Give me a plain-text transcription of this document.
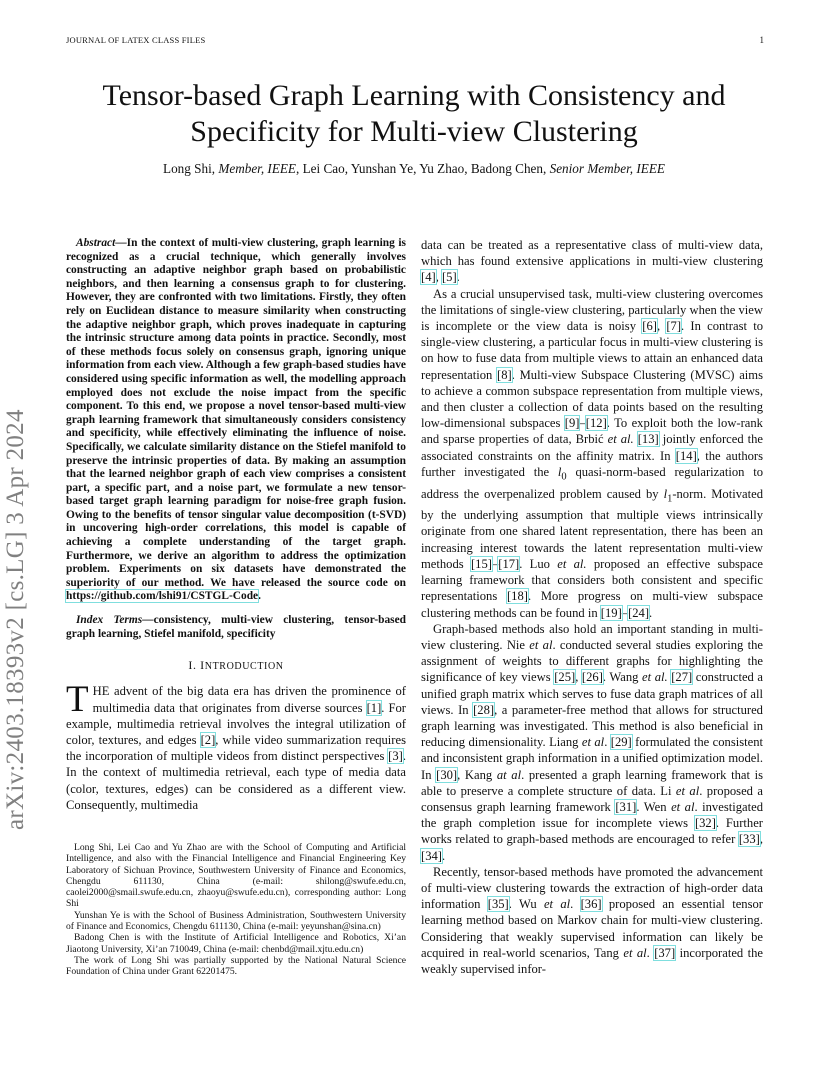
JOURNAL OF LATEX CLASS FILES	1
arXiv:2403.18393v2 [cs.LG] 3 Apr 2024
Tensor-based Graph Learning with Consistency and
Specificity for Multi-view Clustering
Long Shi, Member, IEEE, Lei Cao, Yunshan Ye, Yu Zhao, Badong Chen, Senior Member, IEEE

Abstract—In the context of multi-view clustering, graph learning is recognized as a crucial technique, which generally involves constructing an adaptive neighbor graph based on probabilistic neighbors, and then learning a consensus graph to for clustering. However, they are confronted with two limitations. Firstly, they often rely on Euclidean distance to measure similarity when constructing the adaptive neighbor graph, which proves inadequate in capturing the intrinsic structure among data points in practice. Secondly, most of these methods focus solely on consensus graph, ignoring unique information from each view. Although a few graph-based studies have considered using specific information as well, the modelling approach employed does not exclude the noise impact from the specific component. To this end, we propose a novel tensor-based multi-view graph learning framework that simultaneously considers consistency and specificity, while effectively eliminating the influence of noise. Specifically, we calculate similarity distance on the Stiefel manifold to preserve the intrinsic properties of data. By making an assumption that the learned neighbor graph of each view comprises a consistent part, a specific part, and a noise part, we formulate a new tensor-based target graph learning paradigm for noise-free graph fusion. Owing to the benefits of tensor singular value decomposition (t-SVD) in uncovering high-order correlations, this model is capable of achieving a complete understanding of the target graph. Furthermore, we derive an algorithm to address the optimization problem. Experiments on six datasets have demonstrated the superiority of our method. We have released the source code on https://github.com/lshi91/CSTGL-Code.

Index Terms—consistency, multi-view clustering, tensor-based graph learning, Stiefel manifold, specificity

I. INTRODUCTION

THE advent of the big data era has driven the prominence of multimedia data that originates from diverse sources [1]. For example, multimedia retrieval involves the integral utilization of color, textures, and edges [2], while video summarization requires the incorporation of multiple videos from distinct perspectives [3]. In the context of multimedia retrieval, each type of media data (color, textures, edges) can be considered as a different view. Consequently, multimedia

Long Shi, Lei Cao and Yu Zhao are with the School of Computing and Artificial Intelligence, and also with the Financial Intelligence and Financial Engineering Key Laboratory of Sichuan Province, Southwestern University of Finance and Economics, Chengdu 611130, China (e-mail: shilong@swufe.edu.cn, caolei2000@smail.swufe.edu.cn, zhaoyu@swufe.edu.cn), corresponding author: Long Shi

Yunshan Ye is with the School of Business Administration, Southwestern University of Finance and Economics, Chengdu 611130, China (e-mail: yeyunshan@sina.cn)

Badong Chen is with the Institute of Artificial Intelligence and Robotics, Xi’an Jiaotong University, Xi’an 710049, China (e-mail: chenbd@mail.xjtu.edu.cn)

The work of Long Shi was partially supported by the National Natural Science Foundation of China under Grant 62201475.

data can be treated as a representative class of multi-view data, which has found extensive applications in multi-view clustering [4], [5].

As a crucial unsupervised task, multi-view clustering overcomes the limitations of single-view clustering, particularly when the view is incomplete or the view data is noisy [6], [7]. In contrast to single-view clustering, a particular focus in multi-view clustering is on how to fuse data from multiple views to attain an enhanced data representation [8]. Multi-view Subspace Clustering (MVSC) aims to achieve a common subspace representation from multiple views, and then cluster a collection of data points based on the resulting low-dimensional subspaces [9]–[12]. To exploit both the low-rank and sparse properties of data, Brbić et al. [13] jointly enforced the associated constraints on the affinity matrix. In [14], the authors further investigated the $l_0$ quasi-norm-based regularization to address the overpenalized problem caused by $l_1$-norm. Motivated by the underlying assumption that multiple views intrinsically originate from one shared latent representation, there has been an increasing interest towards the latent representation multi-view methods [15]–[17]. Luo et al. proposed an effective subspace learning framework that considers both consistent and specific representations [18]. More progress on multi-view subspace clustering methods can be found in [19]–[24].

Graph-based methods also hold an important standing in multi-view clustering. Nie et al. conducted several studies exploring the assignment of weights to different graphs for highlighting the significance of key views [25], [26]. Wang et al. [27] constructed a unified graph matrix which serves to fuse data graph matrices of all views. In [28], a parameter-free method that allows for structured graph learning was investigated. This method is also beneficial in reducing dimensionality. Liang et al. [29] formulated the consistent and inconsistent graph information in a unified optimization model. In [30], Kang at al. presented a graph learning framework that is able to preserve a complete structure of data. Li et al. proposed a consensus graph learning framework [31]. Wen et al. investigated the graph completion issue for incomplete views [32]. Further works related to graph-based methods are encouraged to refer [33], [34].

Recently, tensor-based methods have promoted the advancement of multi-view clustering towards the extraction of high-order data information [35]. Wu et al. [36] proposed an essential tensor learning method based on Markov chain for multi-view clustering. Considering that weakly supervised information can likely be acquired in real-world scenarios, Tang et al. [37] incorporated the weakly supervised infor-
